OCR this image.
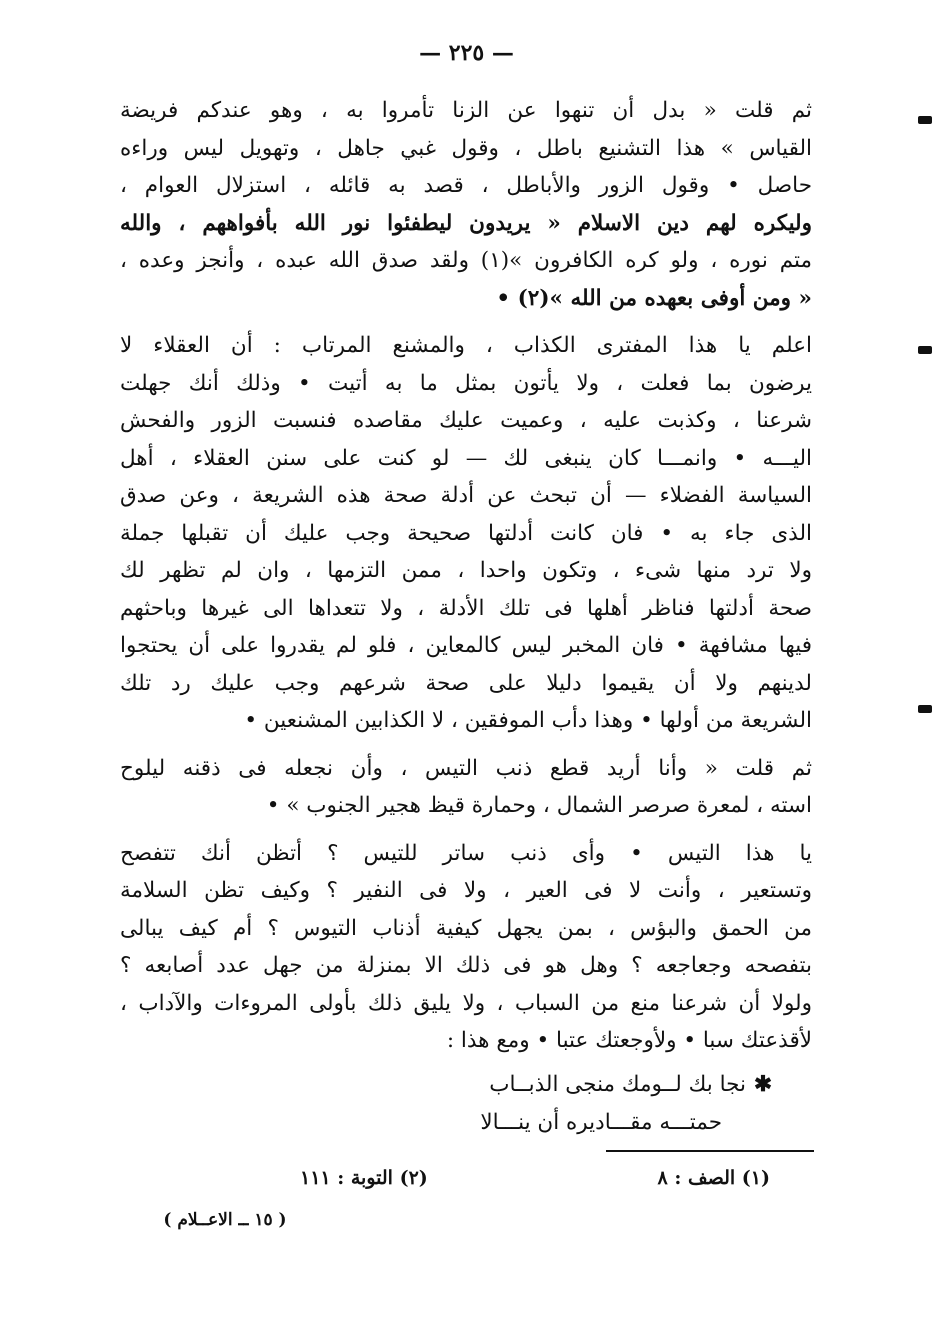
— ٢٢٥ —
ثم قلت « بدل أن تنهوا عن الزنا تأمروا به ، وهو عندكم فريضة
القياس » هذا التشنيع باطل ، وقول غبي جاهل ، وتهويل ليس وراءه
حاصل • وقول الزور والأباطل ، قصد به قائله ، استزلال العوام ،
وليكره لهم دين الاسلام « يريدون ليطفئوا نور الله بأفواههم ، والله
متم نوره ، ولو كره الكافرون »(١) ولقد صدق الله عبده ، وأنجز وعده ،
« ومن أوفى بعهده من الله »(٢) •
اعلم يا هذا المفترى الكذاب ، والمشنع المرتاب : أن العقلاء لا
يرضون بما فعلت ، ولا يأتون بمثل ما به أتيت • وذلك أنك جهلت
شرعنا ، وكذبت عليه ، وعميت عليك مقاصده فنسبت الزور والفحش
اليـــه • وانمـــا كان ينبغى لك — لو كنت على سنن العقلاء ، أهل
السياسة الفضلاء — أن تبحث عن أدلة صحة هذه الشريعة ، وعن صدق
الذى جاء به • فان كانت أدلتها صحيحة وجب عليك أن تقبلها جملة
ولا ترد منها شىء ، وتكون واحدا ، ممن التزمها ، وان لم تظهر لك
صحة أدلتها فناظر أهلها فى تلك الأدلة ، ولا تتعداها الى غيرها وباحثهم
فيها مشافهة • فان المخبر ليس كالمعاين ، فلو لم يقدروا على أن يحتجوا
لدينهم ولا أن يقيموا دليلا على صحة شرعهم وجب عليك رد تلك
الشريعة من أولها • وهذا دأب الموفقين ، لا الكذابين المشنعين •
ثم قلت « وأنا أريد قطع ذنب التيس ، وأن نجعله فى ذقنه ليلوح
استه ، لمعرة صرصر الشمال ، وحمارة قيظ هجير الجنوب » •
يا هذا التيس • وأى ذنب ساتر للتيس ؟ أتظن أنك تتفصح
وتستعير ، وأنت لا فى العير ، ولا فى النفير ؟ وكيف تظن السلامة
من الحمق والبؤس ، بمن يجهل كيفية أذناب التيوس ؟ أم كيف يبالى
بتفصحه وجعاجعه ؟ وهل هو فى ذلك الا بمنزلة من جهل عدد أصابعه ؟
ولولا أن شرعنا منع من السباب ، ولا يليق ذلك بأولى المروءات والآداب ،
لأقذعتك سبا • ولأوجعتك عتبا • ومع هذا :
✱نجا بك لــومك منجى الذبــاب
حمتـــه مقـــاديره أن ينـــالا
(١) الصف : ٨
(٢) التوبة : ١١١
( ١٥ ــ الاعــلام )
